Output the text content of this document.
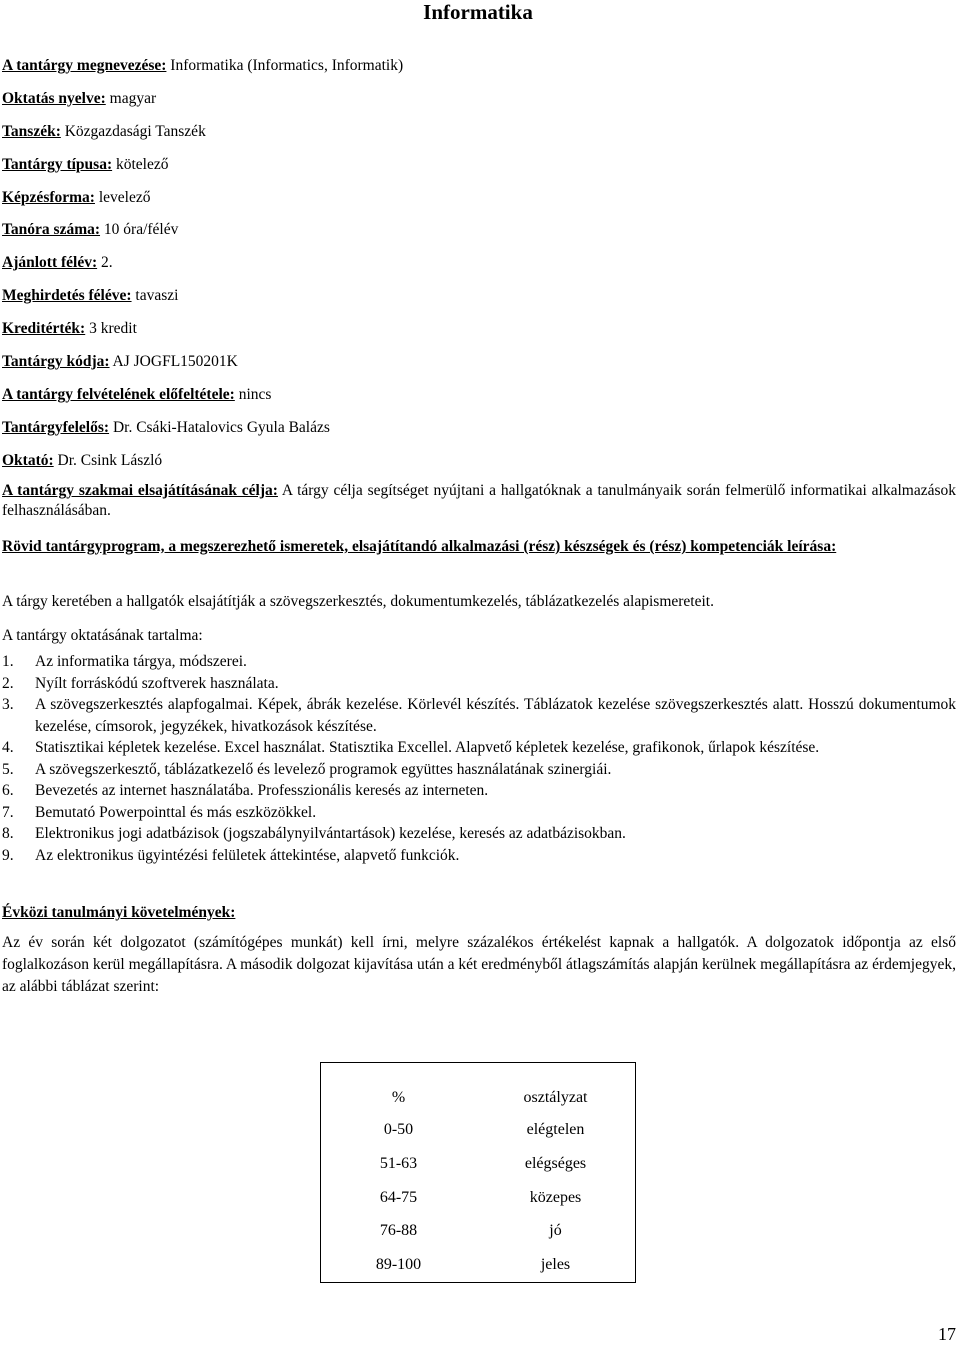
Informatika
A tantárgy megnevezése: Informatika (Informatics, Informatik)
Oktatás nyelve: magyar
Tanszék: Közgazdasági Tanszék
Tantárgy típusa: kötelező
Képzésforma: levelező
Tanóra száma: 10 óra/félév
Ajánlott félév: 2.
Meghirdetés féléve: tavaszi
Kreditérték: 3 kredit
Tantárgy kódja: AJ JOGFL150201K
A tantárgy felvételének előfeltétele: nincs
Tantárgyfelelős: Dr. Csáki-Hatalovics Gyula Balázs
Oktató: Dr. Csink László
A tantárgy szakmai elsajátításának célja: A tárgy célja segítséget nyújtani a hallgatóknak a tanulmányaik során felmerülő informatikai alkalmazások felhasználásában.
Rövid tantárgyprogram, a megszerezhető ismeretek, elsajátítandó alkalmazási (rész) készségek és (rész) kompetenciák leírása:
A tárgy keretében a hallgatók elsajátítják a szövegszerkesztés, dokumentumkezelés, táblázatkezelés alapismereteit.
A tantárgy oktatásának tartalma:
1.	Az informatika tárgya, módszerei.
2.	Nyílt forráskódú szoftverek használata.
3.	A szövegszerkesztés alapfogalmai. Képek, ábrák kezelése. Körlevél készítés. Táblázatok kezelése szövegszerkesztés alatt. Hosszú dokumentumok kezelése, címsorok, jegyzékek, hivatkozások készítése.
4.	Statisztikai képletek kezelése. Excel használat. Statisztika Excellel. Alapvető képletek kezelése, grafikonok, űrlapok készítése.
5.	A szövegszerkesztő, táblázatkezelő és levelező programok együttes használatának szinergiái.
6.	Bevezetés az internet használatába. Professzionális keresés az interneten.
7.	Bemutató Powerpointtal és más eszközökkel.
8.	Elektronikus jogi adatbázisok (jogszabálynyilvántartások) kezelése, keresés az adatbázisokban.
9.	Az elektronikus ügyintézési felületek áttekintése, alapvető funkciók.
Évközi tanulmányi követelmények:
Az év során két dolgozatot (számítógépes munkát) kell írni, melyre százalékos értékelést kapnak a hallgatók. A dolgozatok időpontja az első foglalkozáson kerül megállapításra. A második dolgozat kijavítása után a két eredményből átlagszámítás alapján kerülnek megállapításra az érdemjegyek, az alábbi táblázat szerint:
%	osztályzat
0-50	elégtelen
51-63	elégséges
64-75	közepes
76-88	jó
89-100	jeles
17
